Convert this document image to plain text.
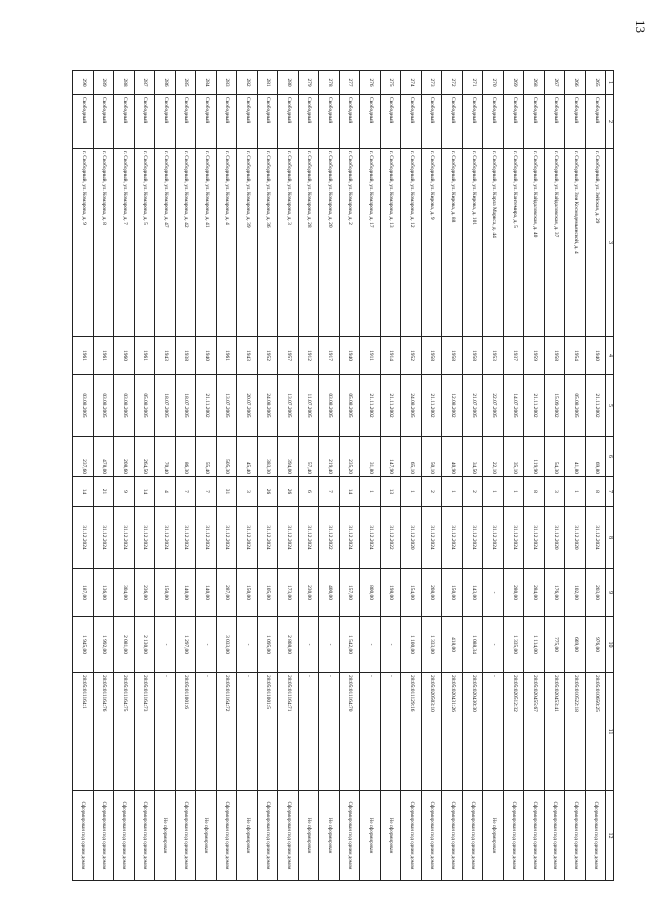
13
1	2	3	4	5	6	7	8	9	10	11	12
265	Свободный	г. Свободный, ул. Зейская, д. 29	1940	21.11.2002	69,80	8	31.12.2024	203,00	976,00	28:05:010650:25	Сформирован под одним домом
266	Свободный	г. Свободный, ул. Зои Космодемьянской, д. 4	1954	05.08.2005	41,80	1	31.12.2020	102,00	669,00	28:05:010522:18	Сформирован под одним домом
267	Свободный	г. Свободный, ул. Кайдаловская, д. 37	1958	15.09.2002	54,30	3	31.12.2020	176,00	775,00	28:05:020453:41	Сформирован под одним домом
268	Свободный	г. Свободный, ул. Кайдаловская, д. 40	1959	21.11.2002	119,90	8	31.12.2024	284,00	1 114,00	28:05:020455:67	Сформирован под одним домом
269	Свободный	г. Свободный, ул. Кантемира, д. 5	1937	14.07.2005	35,10	1	31.12.2024	280,00	1 335,00	28:05:020512:32	Сформирован под одним домом
270	Свободный	г. Свободный, ул. Карла Маркса, д. 44	1953	22.07.2005	22,10	1	31.12.2024	-	-	-	Не сформирован
271	Свободный	г. Свободный, ул. Кирова, д. 101	1958	21.07.2005	34,50	2	31.12.2024	143,00	1 088,34	28:05:020430:30	Сформирован под одним домом
272	Свободный	г. Свободный, ул. Кирова, д. 88	1958	12.08.2002	40,90	1	31.12.2024	150,00	418,00	28:05:020431:26	Сформирован под одним домом
273	Свободный	г. Свободный, ул. Кирова, д. 9	1958	21.11.2002	50,10	2	31.12.2024	208,00	1 333,00	28:05:020503:10	Сформирован под одним домом
274	Свободный	г. Свободный, ул. Комарова, д. 12	1952	24.08.2005	65,10	1	31.12.2020	154,00	1 100,00	28:05:011129:16	Сформирован под одним домом
275	Свободный	г. Свободный, ул. Комарова, д. 13	1914	21.11.2002	147,90	13	31.12.2022	198,00	-	-	Не сформирован
276	Свободный	г. Свободный, ул. Комарова, д. 17	1911	21.11.2002	31,80	1	31.12.2024	800,00	-	-	Не сформирован
277	Свободный	г. Свободный, ул. Комарова, д. 2	1940	05.08.2005	235,20	14	31.12.2024	157,00	1 542,00	28:05:011164:70	Сформирован под одним домом
278	Свободный	г. Свободный, ул. Комарова, д. 20	1917	03.08.2005	219,40	7	31.12.2022	400,00	-	-	Не сформирован
279	Свободный	г. Свободный, ул. Комарова, д. 28	1912	11.07.2005	57,40	6	31.12.2024	230,00	-	-	Не сформирован
280	Свободный	г. Свободный, ул. Комарова, д. 3	1957	13.07.2005	394,00	26	31.12.2024	173,00	2 808,00	28:05:011164:71	Сформирован под одним домом
281	Свободный	г. Свободный, ул. Комарова, д. 36	1952	24.08.2005	383,30	26	31.12.2024	105,00	1 095,00	28:05:011001:5	Сформирован под одним домом
282	Свободный	г. Свободный, ул. Комарова, д. 39	1943	20.07.2005	45,40	3	31.12.2024	150,00	-	-	Не сформирован
283	Свободный	г. Свободный, ул. Комарова, д. 4	1961	13.07.2005	505,30	31	31.12.2024	287,00	3 033,00	28:05:011164:72	Сформирован под одним домом
284	Свободный	г. Свободный, ул. Комарова, д. 41	1940	21.11.2002	55,40	7	31.12.2024	140,00	-	-	Не сформирован
285	Свободный	г. Свободный, ул. Комарова, д. 42	1938	18.07.2005	86,30	7	31.12.2024	140,00	1 297,00	28:05:011001:6	Сформирован под одним домом
286	Свободный	г. Свободный, ул. Комарова, д. 47	1943	18.07.2005	70,40	4	31.12.2024	150,00	-	-	Не сформирован
287	Свободный	г. Свободный, ул. Комарова, д. 5	1961	05.08.2005	264,50	14	31.12.2024	236,00	2 130,00	28:05:011164:73	Сформирован под одним домом
288	Свободный	г. Свободный, ул. Комарова, д. 7	1960	03.08.2005	208,60	9	31.12.2024	304,00	2 081,00	28:05:011164:75	Сформирован под одним домом
289	Свободный	г. Свободный, ул. Комарова, д. 8	1961	03.08.2005	478,00	21	31.12.2024	136,00	1 992,00	28:05:011164:76	Сформирован под одним домом
290	Свободный	г. Свободный, ул. Комарова, д. 9	1961	03.08.2005	237,60	14	31.12.2024	187,00	1 945,00	28:05:011164:1	Сформирован под одним домом
